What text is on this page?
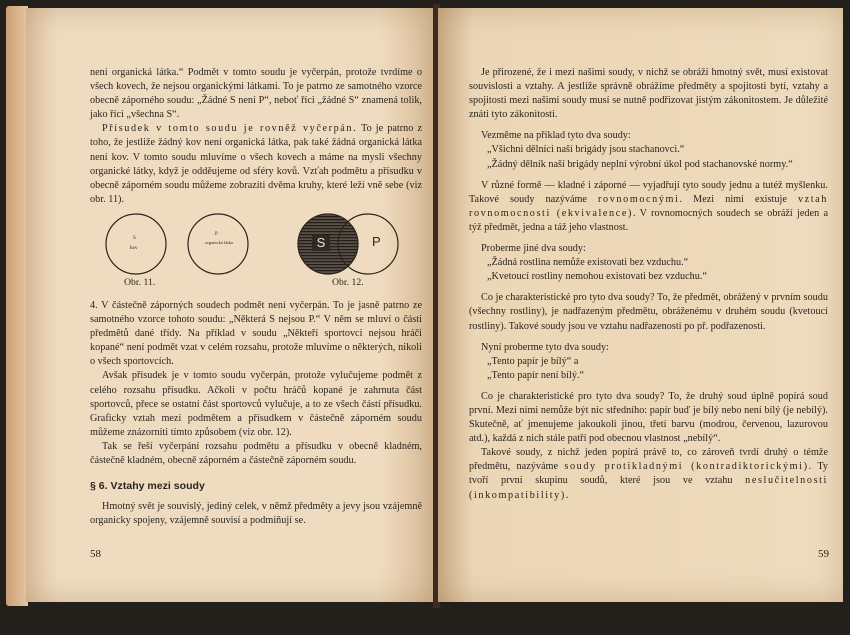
není organická látka.“ Podmět v tomto soudu je vyčerpán, protože tvrdíme o všech kovech, že nejsou organickými látkami. To je patrno ze samotného vzorce obecně záporného soudu: „Žádné S není P“, neboť říci „žádné S“ znamená tolik, jako říci „všechna S“.

Přísudek v tomto soudu je rovněž vyčerpán. To je patrno z toho, že jestliže žádný kov není organická látka, pak také žádná organická látka není kov. V tomto soudu mluvíme o všech kovech a máme na mysli všechny organické látky, když je odděujeme od sféry kovů. Vzťah podmětu a přísudku v obecně záporném soudu můžeme zobraziti dvěma kruhy, které leží vně sebe (viz obr. 11).

S
kov
P
organická látka	S	P
Obr. 11.	Obr. 12.

4. V částečně záporných soudech podmět není vyčerpán. To je jasně patrno ze samotného vzorce tohoto soudu: „Některá S nejsou P.“ V něm se mluví o části předmětů dané třídy. Na příklad v soudu „Někteří sportovci nejsou hráči kopané“ není podmět vzat v celém rozsahu, protože mluvíme o některých, nikoli o všech sportovcích.

Avšak přísudek je v tomto soudu vyčerpán, protože vylučujeme podmět z celého rozsahu přísudku. Ačkoli v počtu hráčů kopané je zahrnuta část sportovců, přece se ostatní část sportovců vylučuje, a to ze všech částí přísudku. Graficky vztah mezi podmětem a přísudkem v částečně záporném soudu můžeme znázorniti tímto způsobem (viz obr. 12).

Tak se řeší vyčerpání rozsahu podmětu a přísudku v obecně kladném, částečně kladném, obecně záporném a částečně záporném soudu.

§ 6. Vztahy mezi soudy

Hmotný svět je souvislý, jediný celek, v němž předměty a jevy jsou vzájemně organicky spojeny, vzájemně souvisí a podmiňují se.

58

Je přirozené, že i mezi našimi soudy, v nichž se obráží hmotný svět, musí existovat souvislosti a vztahy. A jestliže správně obrážíme předměty a spojitosti bytí, vztahy a spojitosti mezi našimi soudy musí se nutně podřizovat jistým zákonitostem. Je důležité znáti tyto zákonitosti.

Vezměme na příklad tyto dva soudy:

„Všichni dělníci naší brigády jsou stachanovci.“

„Žádný dělník naší brigády neplní výrobní úkol pod stachanovské normy.“

V různé formě — kladné i záporné — vyjadřují tyto soudy jednu a tutéž myšlenku. Takové soudy nazýváme rovnomocnými. Mezi nimi existuje vztah rovnomocnosti (ekvivalence). V rovnomocných soudech se obráží jeden a týž předmět, jedna a táž jeho vlastnost.

Proberme jiné dva soudy:

„Žádná rostlina nemůže existovati bez vzduchu.“

„Kvetoucí rostliny nemohou existovati bez vzduchu.“

Co je charakteristické pro tyto dva soudy? To, že předmět, obrážený v prvním soudu (všechny rostliny), je nadřazeným předmětu, obráženému v druhém soudu (kvetoucí rostliny). Takové soudy jsou ve vztahu nadřazenosti po př. podřazenosti.

Nyní proberme tyto dva soudy:

„Tento papír je bílý“ a

„Tento papír není bílý.“

Co je charakteristické pro tyto dva soudy? To, že druhý soud úplně popírá soud první. Mezi nimi nemůže být nic středního: papír buď je bílý nebo není bílý (je nebílý). Skutečně, ať jmenujeme jakoukoli jinou, třetí barvu (modrou, červenou, lazurovou atd.), každá z nich stále patří pod obecnou vlastnost „nebílý“.

Takové soudy, z nichž jeden popírá právě to, co zároveň tvrdí druhý o témže předmětu, nazýváme soudy protikladnými (kontradiktorickými). Ty tvoří první skupinu soudů, které jsou ve vztahu neslučitelnosti (inkompatibility).

59
